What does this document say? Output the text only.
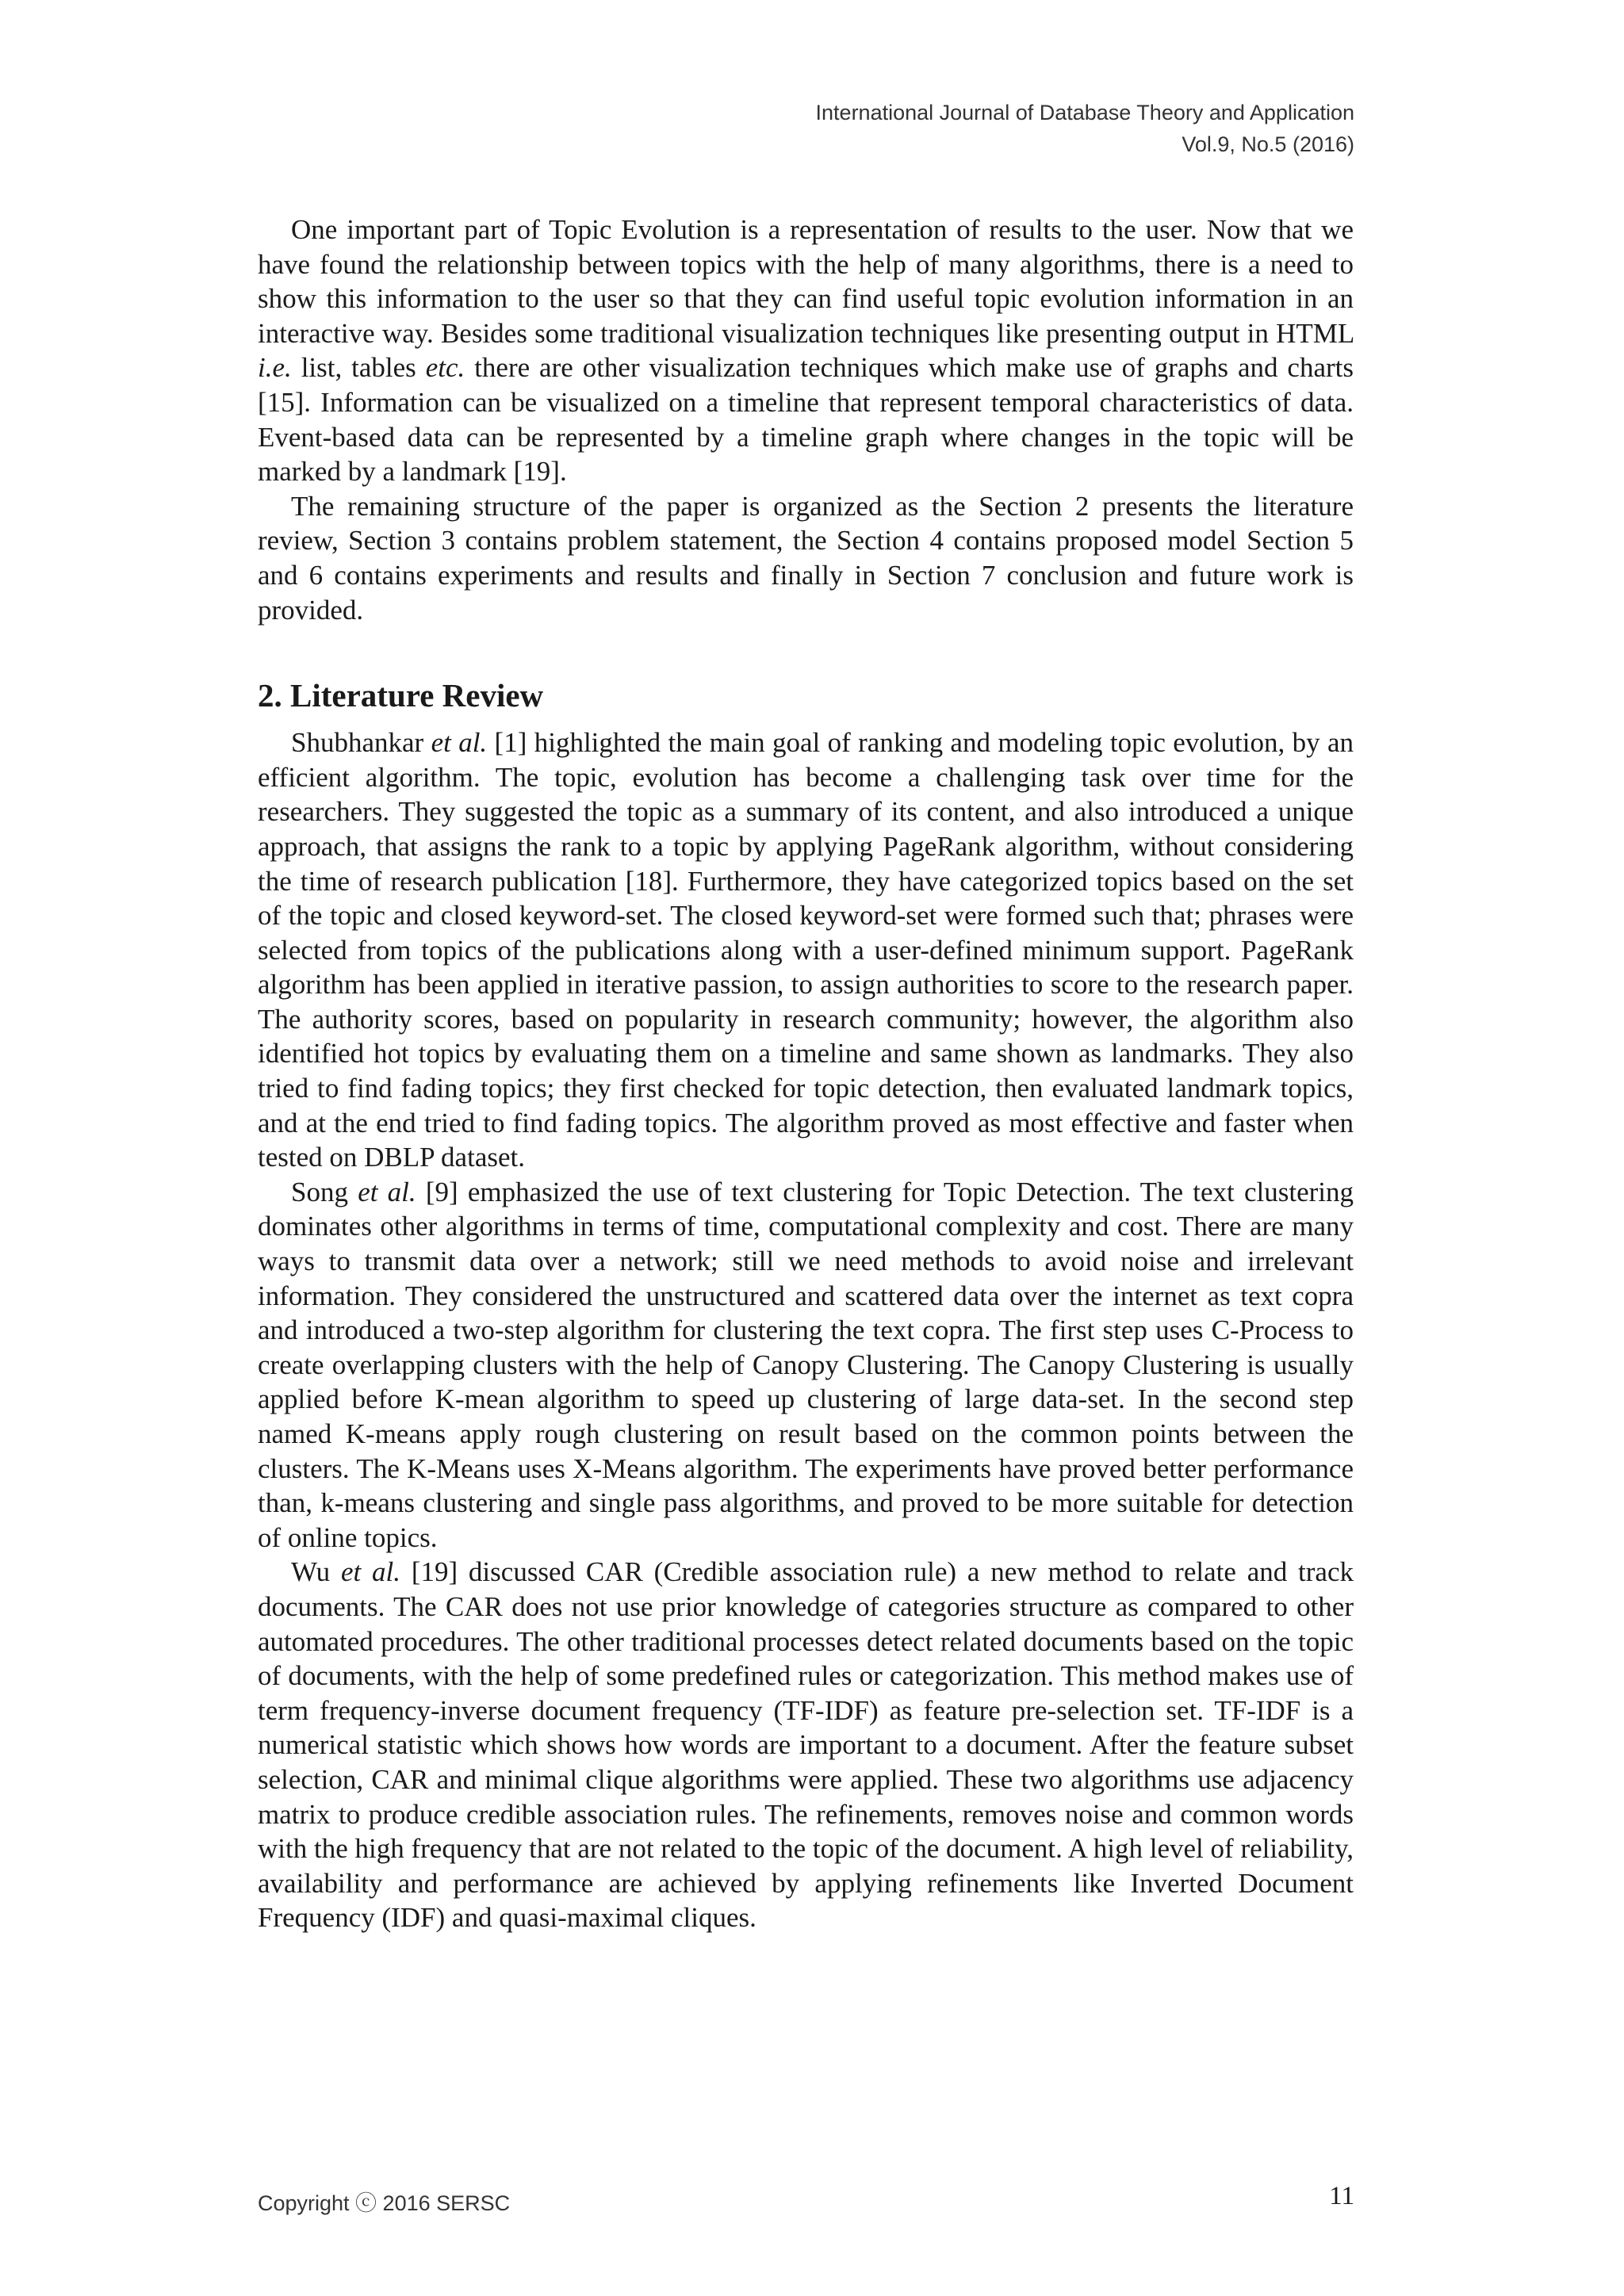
International Journal of Database Theory and Application
Vol.9, No.5 (2016)

One important part of Topic Evolution is a representation of results to the user. Now that we have found the relationship between topics with the help of many algorithms, there is a need to show this information to the user so that they can find useful topic evolution information in an interactive way. Besides some traditional visualization techniques like presenting output in HTML i.e. list, tables etc. there are other visualization techniques which make use of graphs and charts [15]. Information can be visualized on a timeline that represent temporal characteristics of data. Event-based data can be represented by a timeline graph where changes in the topic will be marked by a landmark [19].

The remaining structure of the paper is organized as the Section 2 presents the literature review, Section 3 contains problem statement, the Section 4 contains proposed model Section 5 and 6 contains experiments and results and finally in Section 7 conclusion and future work is provided.

2. Literature Review

Shubhankar et al. [1] highlighted the main goal of ranking and modeling topic evolution, by an efficient algorithm. The topic, evolution has become a challenging task over time for the researchers. They suggested the topic as a summary of its content, and also introduced a unique approach, that assigns the rank to a topic by applying PageRank algorithm, without considering the time of research publication [18]. Furthermore, they have categorized topics based on the set of the topic and closed keyword-set. The closed keyword-set were formed such that; phrases were selected from topics of the publications along with a user-defined minimum support. PageRank algorithm has been applied in iterative passion, to assign authorities to score to the research paper. The authority scores, based on popularity in research community; however, the algorithm also identified hot topics by evaluating them on a timeline and same shown as landmarks. They also tried to find fading topics; they first checked for topic detection, then evaluated landmark topics, and at the end tried to find fading topics. The algorithm proved as most effective and faster when tested on DBLP dataset.

Song et al. [9] emphasized the use of text clustering for Topic Detection. The text clustering dominates other algorithms in terms of time, computational complexity and cost. There are many ways to transmit data over a network; still we need methods to avoid noise and irrelevant information. They considered the unstructured and scattered data over the internet as text copra and introduced a two-step algorithm for clustering the text copra. The first step uses C-Process to create overlapping clusters with the help of Canopy Clustering. The Canopy Clustering is usually applied before K-mean algorithm to speed up clustering of large data-set. In the second step named K-means apply rough clustering on result based on the common points between the clusters. The K-Means uses X-Means algorithm. The experiments have proved better performance than, k-means clustering and single pass algorithms, and proved to be more suitable for detection of online topics.

Wu et al. [19] discussed CAR (Credible association rule) a new method to relate and track documents. The CAR does not use prior knowledge of categories structure as compared to other automated procedures. The other traditional processes detect related documents based on the topic of documents, with the help of some predefined rules or categorization. This method makes use of term frequency-inverse document frequency (TF-IDF) as feature pre-selection set. TF-IDF is a numerical statistic which shows how words are important to a document. After the feature subset selection, CAR and minimal clique algorithms were applied. These two algorithms use adjacency matrix to produce credible association rules. The refinements, removes noise and common words with the high frequency that are not related to the topic of the document. A high level of reliability, availability and performance are achieved by applying refinements like Inverted Document Frequency (IDF) and quasi-maximal cliques.

Copyright ⓒ 2016 SERSC	11
